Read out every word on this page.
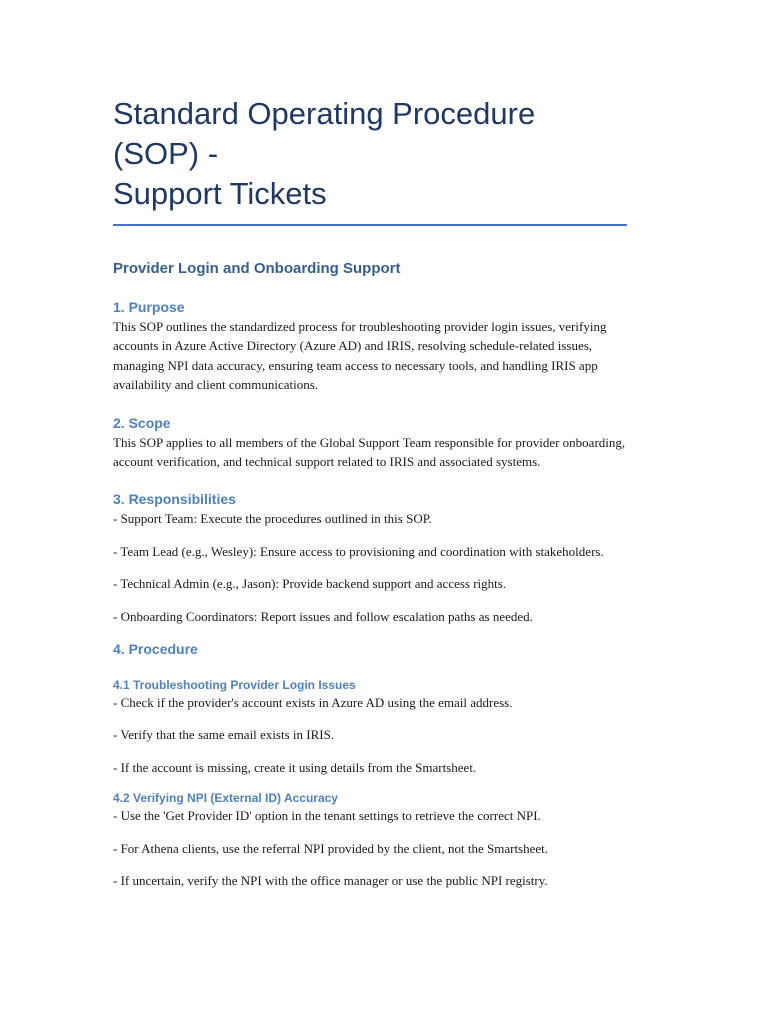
Standard Operating Procedure (SOP) -
Support Tickets
Provider Login and Onboarding Support
1. Purpose

This SOP outlines the standardized process for troubleshooting provider login issues, verifying accounts in Azure Active Directory (Azure AD) and IRIS, resolving schedule-related issues, managing NPI data accuracy, ensuring team access to necessary tools, and handling IRIS app availability and client communications.

2. Scope

This SOP applies to all members of the Global Support Team responsible for provider onboarding, account verification, and technical support related to IRIS and associated systems.

3. Responsibilities

- Support Team: Execute the procedures outlined in this SOP.

- Team Lead (e.g., Wesley): Ensure access to provisioning and coordination with stakeholders.

- Technical Admin (e.g., Jason): Provide backend support and access rights.

- Onboarding Coordinators: Report issues and follow escalation paths as needed.

4. Procedure
4.1 Troubleshooting Provider Login Issues

- Check if the provider's account exists in Azure AD using the email address.

- Verify that the same email exists in IRIS.

- If the account is missing, create it using details from the Smartsheet.

4.2 Verifying NPI (External ID) Accuracy

- Use the 'Get Provider ID' option in the tenant settings to retrieve the correct NPI.

- For Athena clients, use the referral NPI provided by the client, not the Smartsheet.

- If uncertain, verify the NPI with the office manager or use the public NPI registry.
